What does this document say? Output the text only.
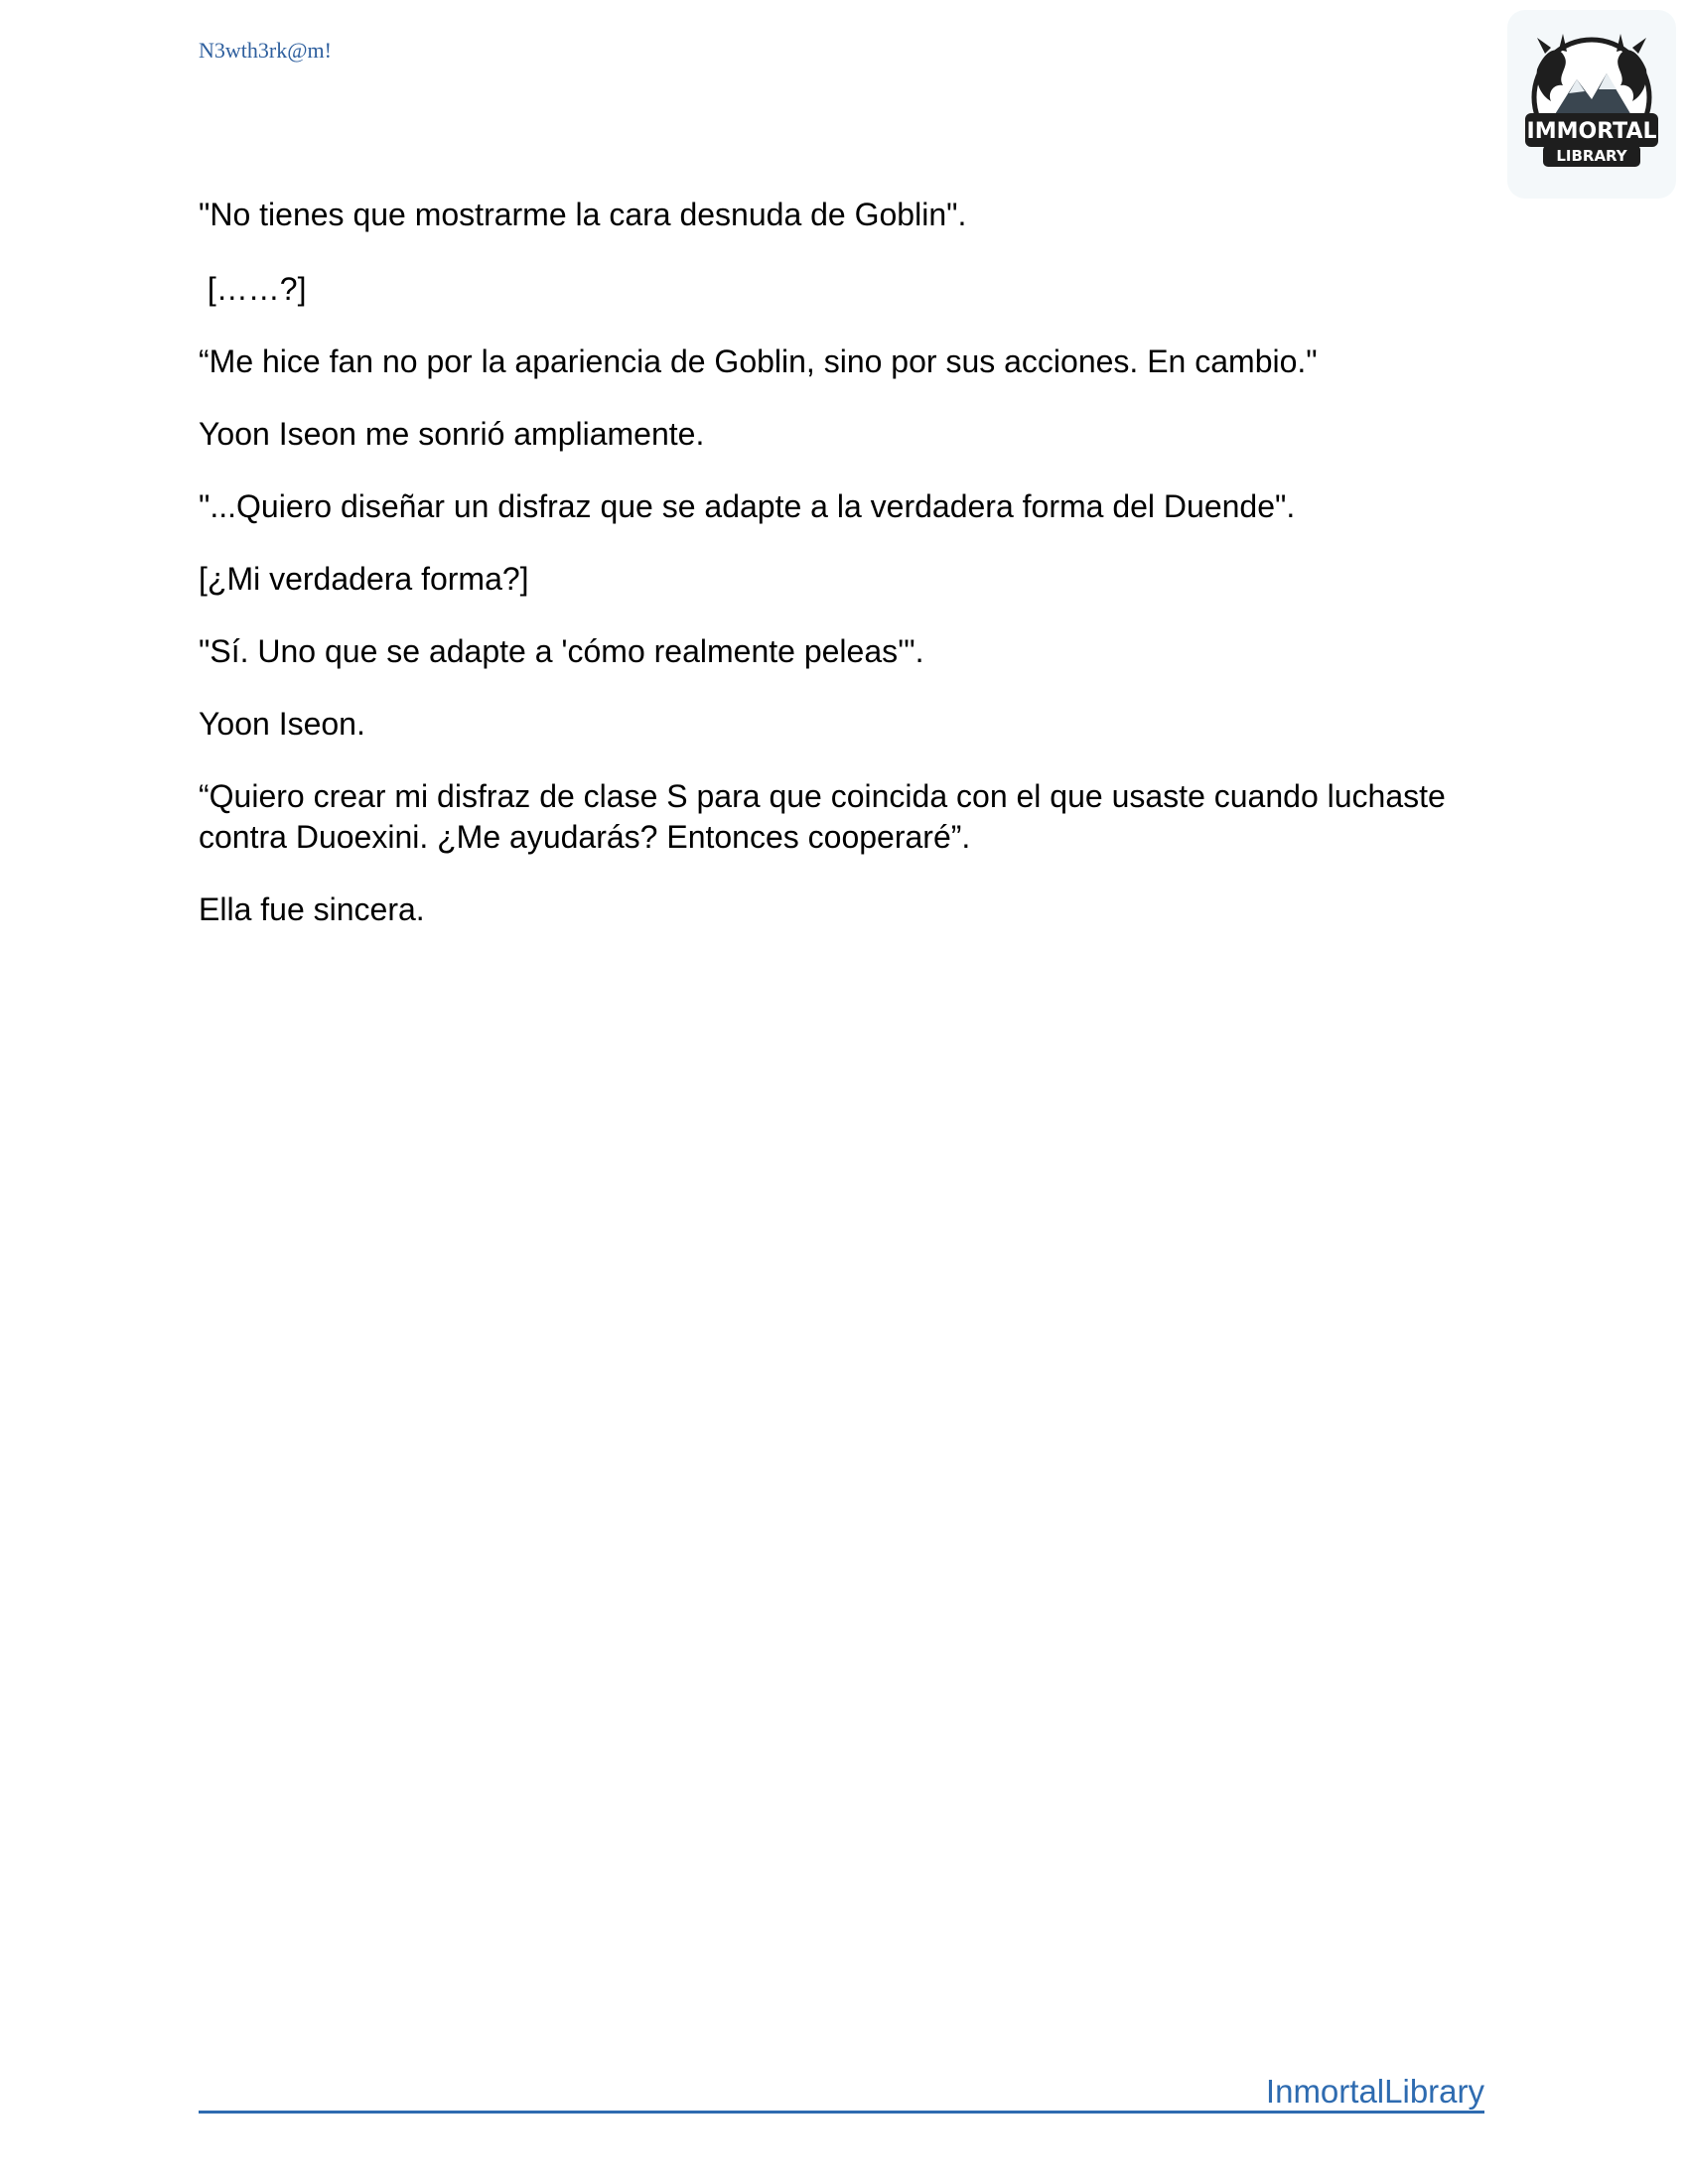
N3wth3rk@m!
IMMORTAL
LIBRARY

"No tienes que mostrarme la cara desnuda de Goblin".

[……?]

“Me hice fan no por la apariencia de Goblin, sino por sus acciones. En cambio."

Yoon Iseon me sonrió ampliamente.

"...Quiero diseñar un disfraz que se adapte a la verdadera forma del Duende".

[¿Mi verdadera forma?]

"Sí. Uno que se adapte a 'cómo realmente peleas'".

Yoon Iseon.

“Quiero crear mi disfraz de clase S para que coincida con el que usaste cuando luchaste contra Duoexini. ¿Me ayudarás? Entonces cooperaré”.

Ella fue sincera.

InmortalLibrary
